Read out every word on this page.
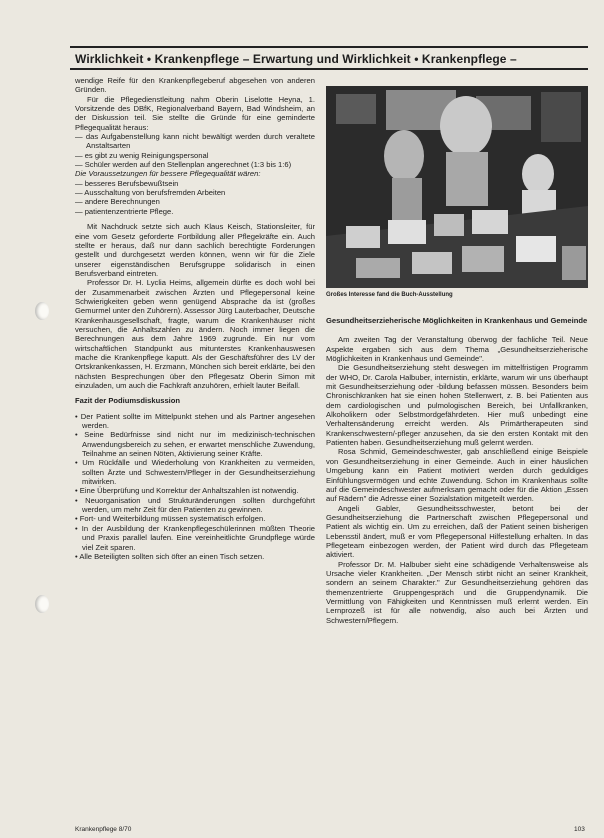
Wirklichkeit • Krankenpflege – Erwartung und Wirklichkeit • Krankenpflege –

wendige Reife für den Krankenpflegeberuf abgesehen von anderen Gründen.

Für die Pflegedienstleitung nahm Oberin Liselotte Heyna, 1. Vorsitzende des DBfK, Regionalverband Bayern, Bad Windsheim, an der Diskussion teil. Sie stellte die Gründe für eine geminderte Pflegequalität heraus:

— das Aufgabenstellung kann nicht bewältigt werden durch veraltete Anstaltsarten
— es gibt zu wenig Reinigungspersonal
— Schüler werden auf den Stellenplan angerechnet (1:3 bis 1:6)

Die Voraussetzungen für bessere Pflegequalität wären:

— besseres Berufsbewußtsein
— Ausschaltung von berufsfremden Arbeiten
— andere Berechnungen
— patientenzentrierte Pflege.

Mit Nachdruck setzte sich auch Klaus Keisch, Stationsleiter, für eine vom Gesetz geforderte Fortbildung aller Pflegekräfte ein. Auch stellte er heraus, daß nur dann sachlich berechtigte Forderungen gestellt und durchgesetzt werden können, wenn wir für die Ziele unserer eigenständischen Berufsgruppe solidarisch in einen Berufsverband eintreten.

Professor Dr. H. Lyclia Heims, allgemein dürfte es doch wohl bei der Zusammenarbeit zwischen Ärzten und Pflegepersonal keine Schwierigkeiten geben wenn genügend Absprache da ist (großes Gemurmel unter den Zuhörern). Assessor Jürg Lauterbacher, Deutsche Krankenhausgesellschaft, fragte, warum die Krankenhäuser nicht versuchen, die Anhaltszahlen zu ändern. Noch immer liegen die Berechnungen aus dem Jahre 1969 zugrunde. Ein nur vom wirtschaftlichen Standpunkt aus mitunterstes Krankenhauswesen mache die Krankenpflege kaputt. Als der Geschäftsführer des LV der Ortskrankenkassen, H. Erzmann, München sich bereit erklärte, bei den nächsten Besprechungen über den Pflegesatz Oberin Simon mit einzuladen, um auch die Fachkraft anzuhören, erhielt lauter Beifall.

Fazit der Podiumsdiskussion

• Der Patient sollte im Mittelpunkt stehen und als Partner angesehen werden.
• Seine Bedürfnisse sind nicht nur im medizinisch-technischen Anwendungsbereich zu sehen, er erwartet menschliche Zuwendung, Teilnahme an seinen Nöten, Aktivierung seiner Kräfte.
• Um Rückfälle und Wiederholung von Krankheiten zu vermeiden, sollten Ärzte und Schwestern/Pfleger in der Gesundheitserziehung mitwirken.
• Eine Überprüfung und Korrektur der Anhaltszahlen ist notwendig.
• Neuorganisation und Strukturänderungen sollten durchgeführt werden, um mehr Zeit für den Patienten zu gewinnen.
• Fort- und Weiterbildung müssen systematisch erfolgen.
• In der Ausbildung der Krankenpflegeschülerinnen müßten Theorie und Praxis parallel laufen. Eine vereinheitlichte Grundpflege würde viel Zeit sparen.
• Alle Beteiligten sollten sich öfter an einen Tisch setzen.
Großes Interesse fand die Buch-Ausstellung

Gesundheitserzieherische Möglichkeiten in Krankenhaus und Gemeinde

Am zweiten Tag der Veranstaltung überwog der fachliche Teil. Neue Aspekte ergaben sich aus dem Thema „Gesundheitserzieherische Möglichkeiten in Krankenhaus und Gemeinde".

Die Gesundheitserziehung steht deswegen im mittelfristigen Programm der WHO, Dr. Carola Halbuber, internistin, erklärte, warum wir uns überhaupt mit Gesundheitserziehung oder -bildung befassen müssen. Besonders beim Chronischkranken hat sie einen hohen Stellenwert, z. B. bei Patienten aus dem cardiologischen und pulmologischen Bereich, bei Unfallkranken, Alkoholikern oder Selbstmordgefährdeten. Hier muß unbedingt eine Verhaltensänderung erreicht werden. Als Primärtherapeuten sind Krankenschwestern/-pfleger anzusehen, da sie den ersten Kontakt mit den Patienten haben. Gesundheitserziehung muß gelernt werden.

Rosa Schmid, Gemeindeschwester, gab anschließend einige Beispiele von Gesundheitserziehung in einer Gemeinde. Auch in einer häuslichen Umgebung kann ein Patient motiviert werden durch geduldiges Einfühlungsvermögen und echte Zuwendung. Schon im Krankenhaus sollte auf die Gemeindeschwester aufmerksam gemacht oder für die Aktion „Essen auf Rädern" die Adresse einer Sozialstation mitgeteilt werden.

Angeli Gabler, Gesundheitsschwester, betont bei der Gesundheitserziehung die Partnerschaft zwischen Pflegepersonal und Patient als wichtig ein. Um zu erreichen, daß der Patient seinen bisherigen Lebensstil ändert, muß er vom Pflegepersonal Hilfestellung erhalten. In das Pflegeteam einbezogen werden, der Patient wird durch das Pflegeteam aktiviert.

Professor Dr. M. Halbuber sieht eine schädigende Verhaltensweise als Ursache vieler Krankheiten. „Der Mensch stirbt nicht an seiner Krankheit, sondern an seinem Charakter." Zur Gesundheitserziehung gehören das themenzentrierte Gruppengespräch und die Gruppendynamik. Die Vermittlung von Fähigkeiten und Kenntnissen muß erlernt werden. Ein Lernprozeß ist für alle notwendig, also auch bei Ärzten und Schwestern/Pflegern.

Krankenpflege 8/70	103
